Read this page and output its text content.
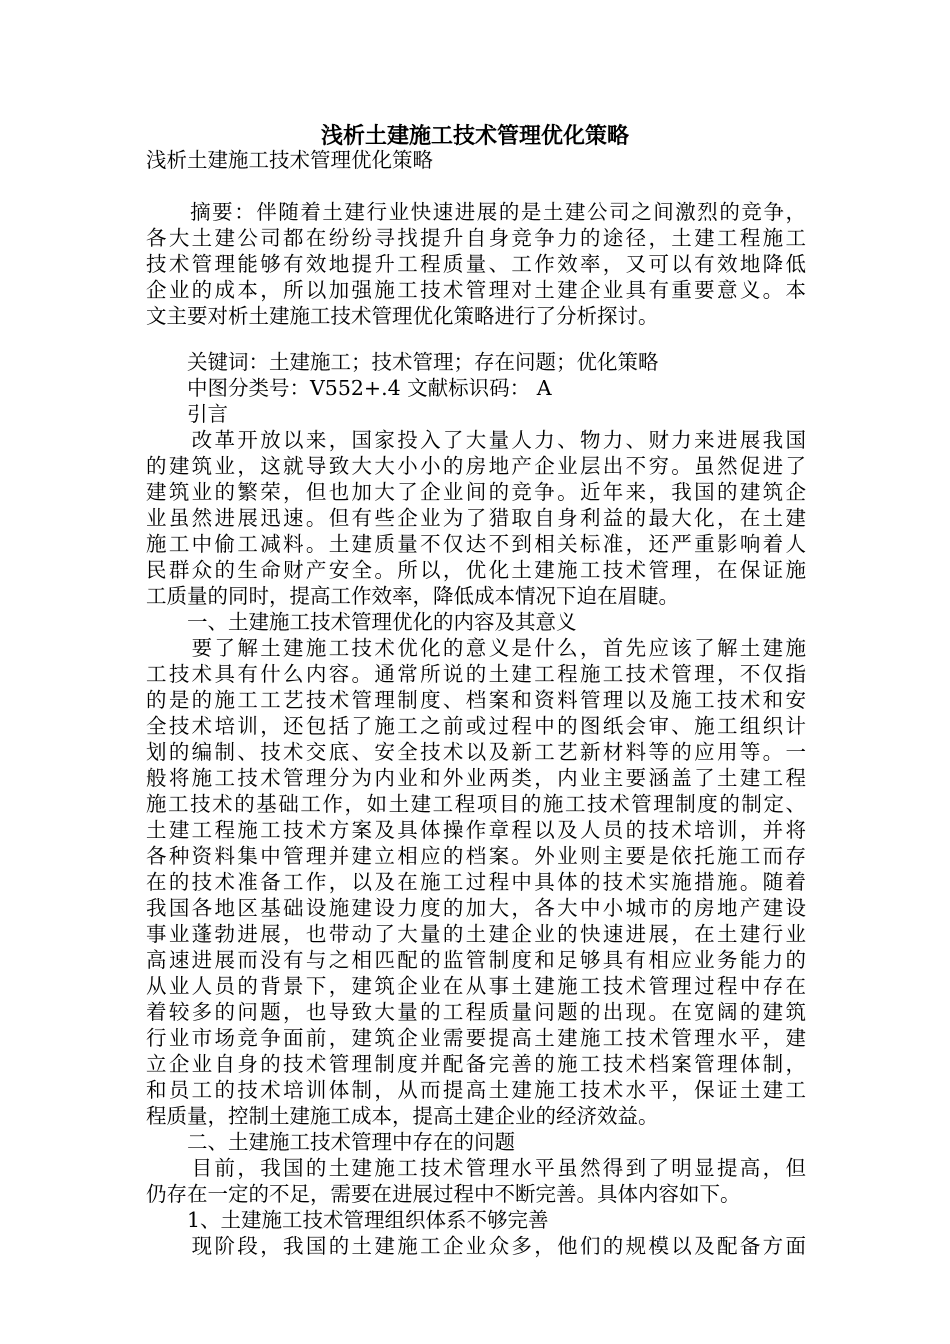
浅析土建施工技术管理优化策略
浅析土建施工技术管理优化策略
　　摘要：伴随着土建行业快速进展的是土建公司之间激烈的竞争，
各大土建公司都在纷纷寻找提升自身竞争力的途径，土建工程施工
技术管理能够有效地提升工程质量、工作效率，又可以有效地降低
企业的成本，所以加强施工技术管理对土建企业具有重要意义。本
文主要对析土建施工技术管理优化策略进行了分析探讨。
　　关键词：土建施工；技术管理；存在问题；优化策略
　　中图分类号：V552+.4 文献标识码： A
　　引言
　　改革开放以来，国家投入了大量人力、物力、财力来进展我国
的建筑业，这就导致大大小小的房地产企业层出不穷。虽然促进了
建筑业的繁荣，但也加大了企业间的竞争。近年来，我国的建筑企
业虽然进展迅速。但有些企业为了猎取自身利益的最大化，在土建
施工中偷工减料。土建质量不仅达不到相关标准，还严重影响着人
民群众的生命财产安全。所以，优化土建施工技术管理，在保证施
工质量的同时，提高工作效率，降低成本情况下迫在眉睫。
　　一、土建施工技术管理优化的内容及其意义
　　要了解土建施工技术优化的意义是什么，首先应该了解土建施
工技术具有什么内容。通常所说的土建工程施工技术管理，不仅指
的是的施工工艺技术管理制度、档案和资料管理以及施工技术和安
全技术培训，还包括了施工之前或过程中的图纸会审、施工组织计
划的编制、技术交底、安全技术以及新工艺新材料等的应用等。一
般将施工技术管理分为内业和外业两类，内业主要涵盖了土建工程
施工技术的基础工作，如土建工程项目的施工技术管理制度的制定、
土建工程施工技术方案及具体操作章程以及人员的技术培训，并将
各种资料集中管理并建立相应的档案。外业则主要是依托施工而存
在的技术准备工作，以及在施工过程中具体的技术实施措施。随着
我国各地区基础设施建设力度的加大，各大中小城市的房地产建设
事业蓬勃进展，也带动了大量的土建企业的快速进展，在土建行业
高速进展而没有与之相匹配的监管制度和足够具有相应业务能力的
从业人员的背景下，建筑企业在从事土建施工技术管理过程中存在
着较多的问题，也导致大量的工程质量问题的出现。在宽阔的建筑
行业市场竞争面前，建筑企业需要提高土建施工技术管理水平，建
立企业自身的技术管理制度并配备完善的施工技术档案管理体制，
和员工的技术培训体制，从而提高土建施工技术水平，保证土建工
程质量，控制土建施工成本，提高土建企业的经济效益。
　　二、土建施工技术管理中存在的问题
　　目前，我国的土建施工技术管理水平虽然得到了明显提高，但
仍存在一定的不足，需要在进展过程中不断完善。具体内容如下。
　　1、土建施工技术管理组织体系不够完善
　　现阶段，我国的土建施工企业众多，他们的规模以及配备方面
